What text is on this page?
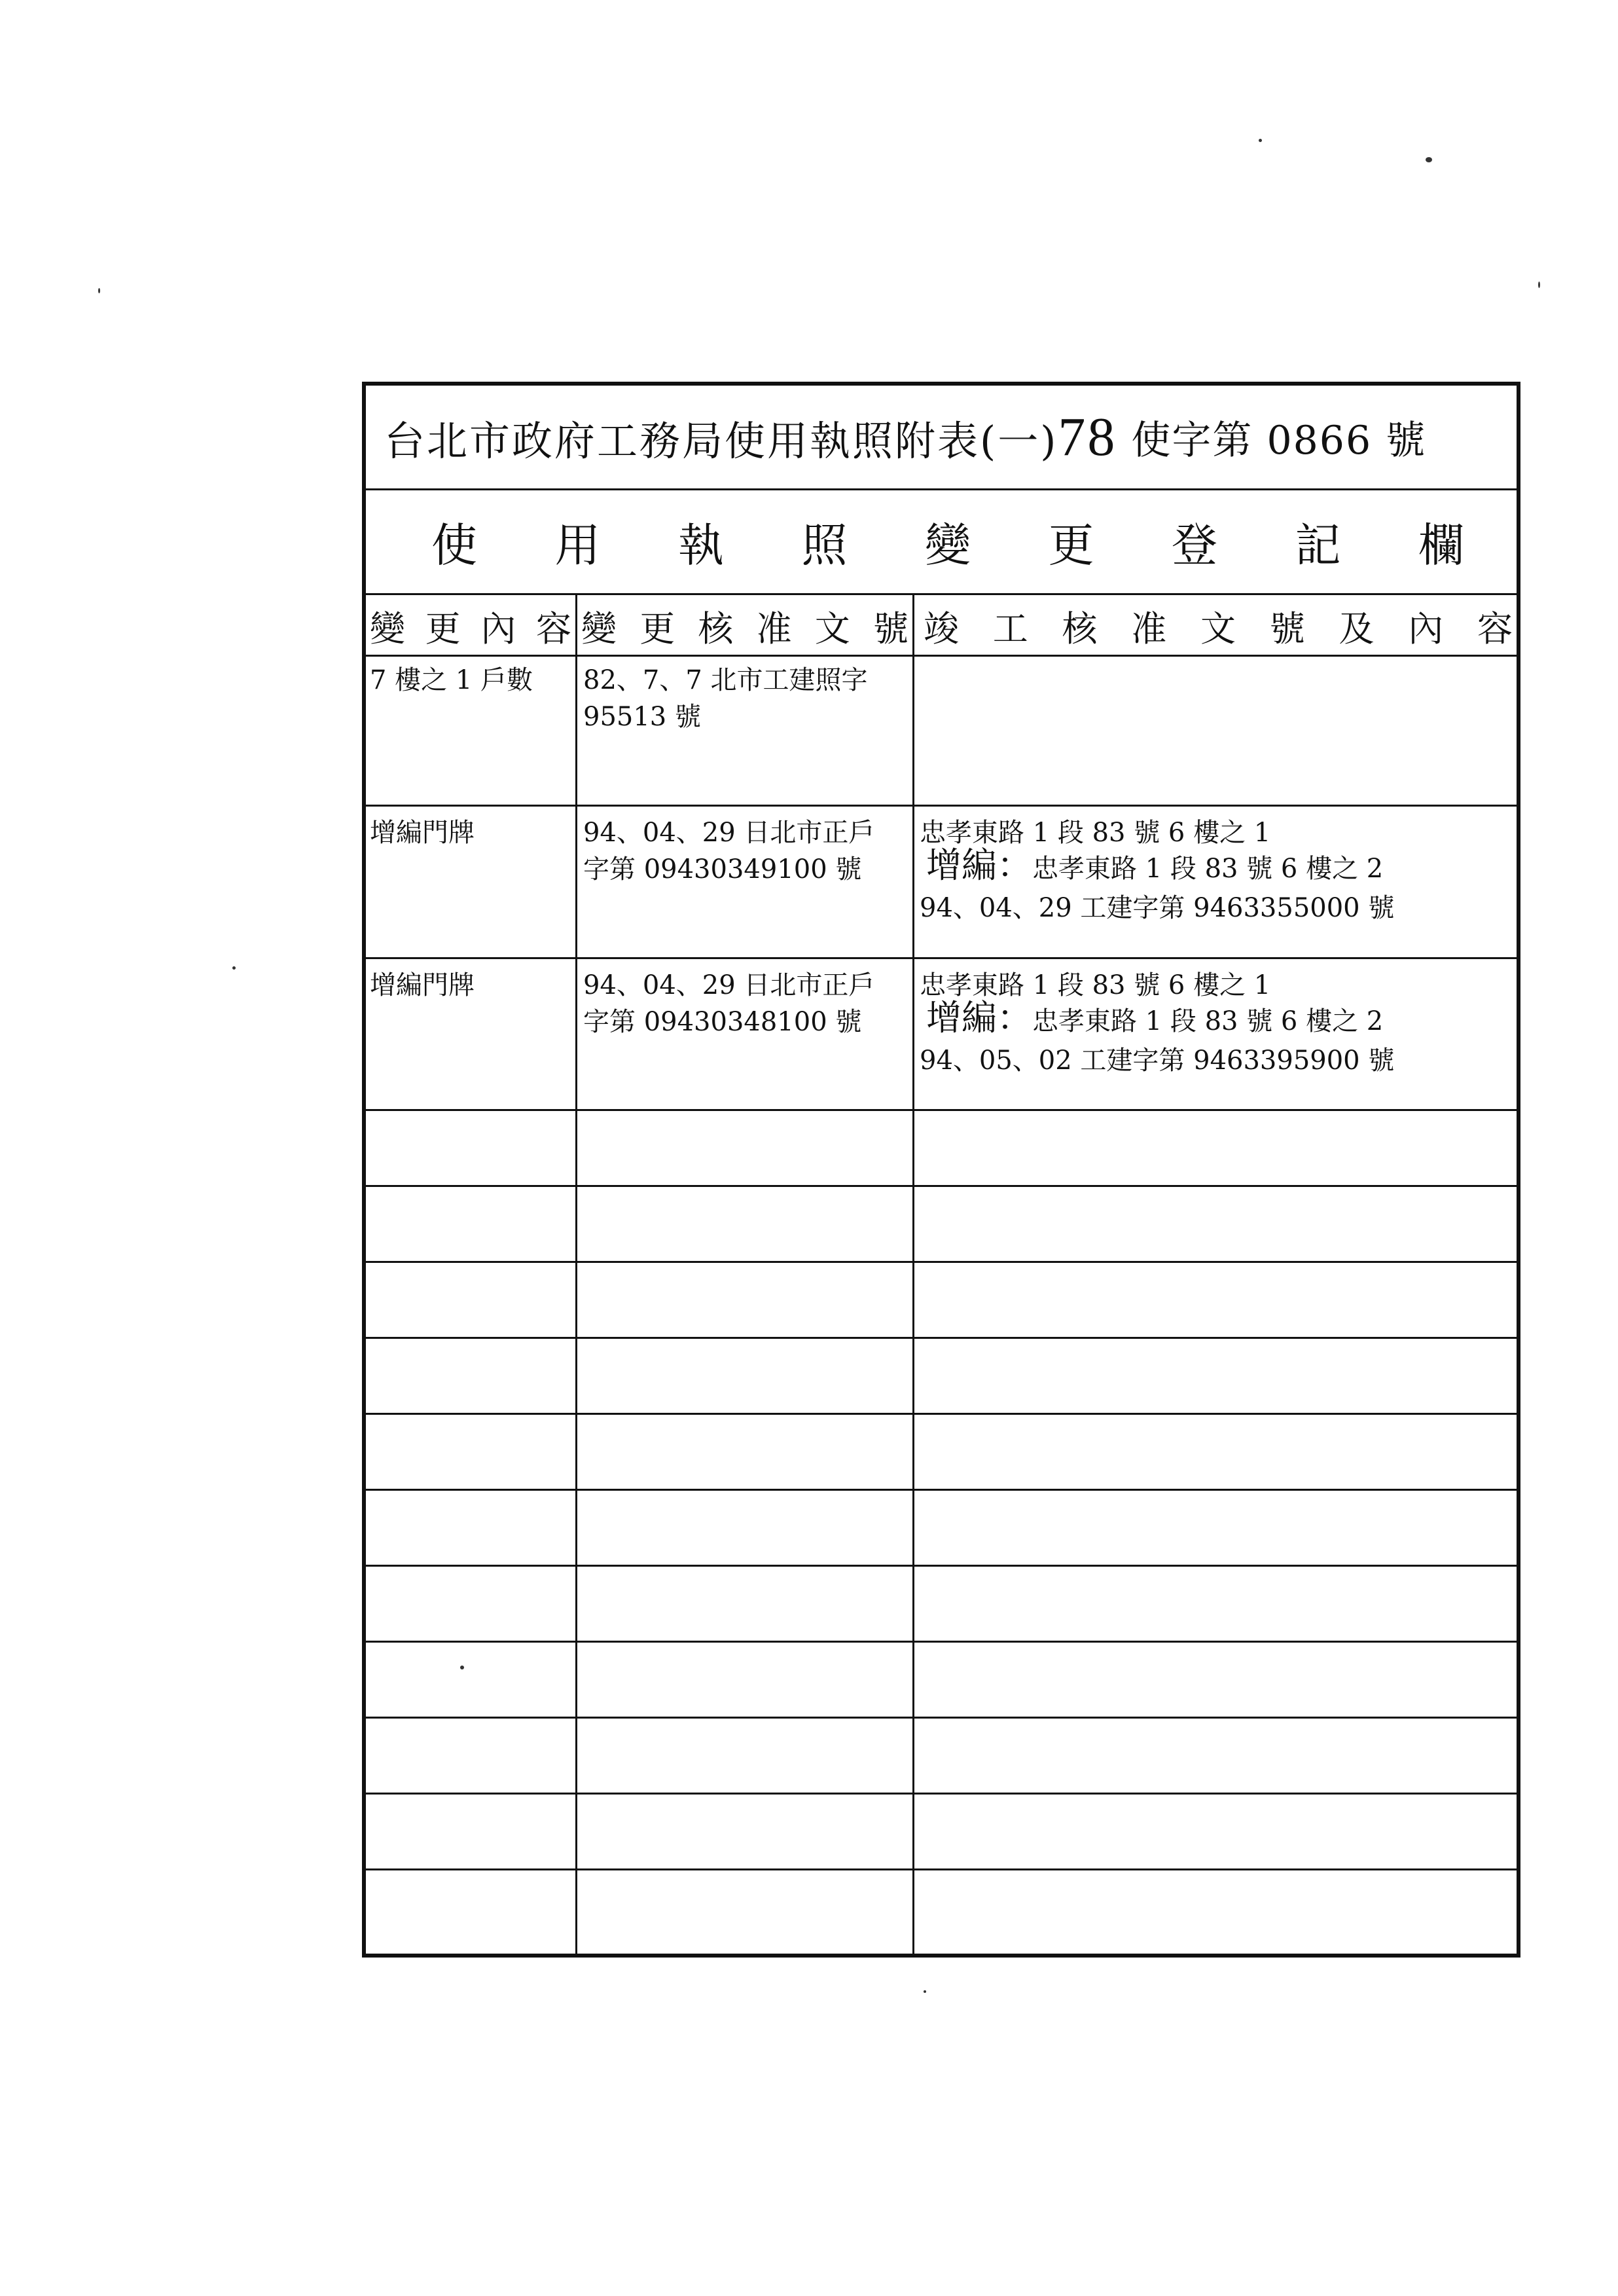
台北市政府工務局使用執照附表(一)78 使字第 0866 號
使 用 執 照 變 更 登 記 欄
變 更 內 容 變 更 核 准 文 號 竣 工 核 准 文 號 及 內 容
7 樓之 1 戶數 82、7、7 北市工建照字
95513 號
增編門牌	94、04、29 日北市正戶
字第 09430349100 號
忠孝東路 1 段 83 號 6 樓之 1
增編：忠孝東路 1 段 83 號 6 樓之 2
94、04、29 工建字第 9463355000 號
增編門牌	94、04、29 日北市正戶
字第 09430348100 號
忠孝東路 1 段 83 號 6 樓之 1
增編：忠孝東路 1 段 83 號 6 樓之 2
94、05、02 工建字第 9463395900 號
